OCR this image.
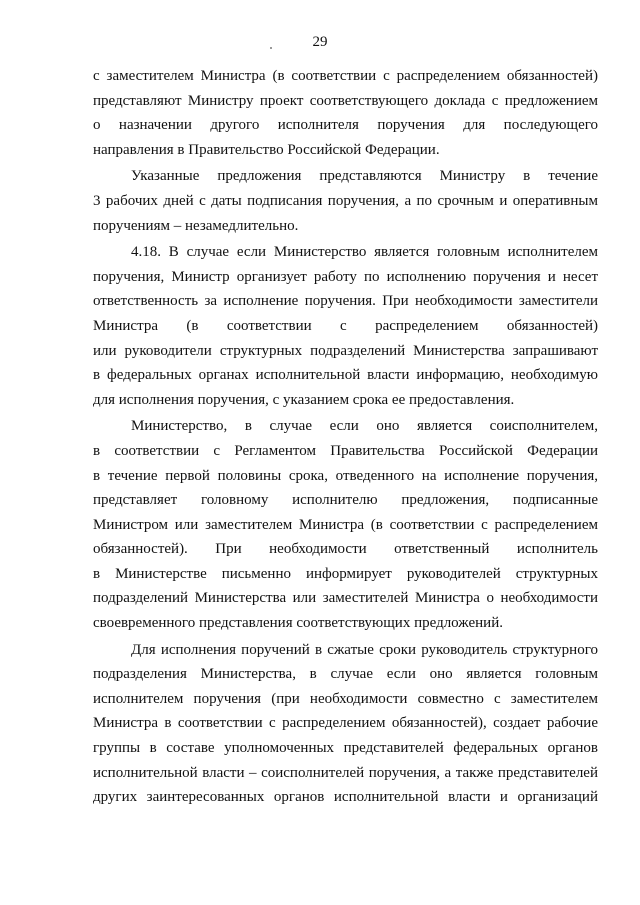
29

с заместителем Министра (в соответствии с распределением обязанностей)
представляют Министру проект соответствующего доклада с предложением
о назначении другого исполнителя поручения для последующего
направления в Правительство Российской Федерации.

Указанные предложения представляются Министру в течение
3 рабочих дней с даты подписания поручения, а по срочным и оперативным
поручениям – незамедлительно.

4.18. В случае если Министерство является головным исполнителем
поручения, Министр организует работу по исполнению поручения и несет
ответственность за исполнение поручения. При необходимости заместители
Министра (в соответствии с распределением обязанностей)
или руководители структурных подразделений Министерства запрашивают
в федеральных органах исполнительной власти информацию, необходимую
для исполнения поручения, с указанием срока ее предоставления.

Министерство, в случае если оно является соисполнителем,
в соответствии с Регламентом Правительства Российской Федерации
в течение первой половины срока, отведенного на исполнение поручения,
представляет головному исполнителю предложения, подписанные
Министром или заместителем Министра (в соответствии с распределением
обязанностей). При необходимости ответственный исполнитель
в Министерстве письменно информирует руководителей структурных
подразделений Министерства или заместителей Министра о необходимости
своевременного представления соответствующих предложений.

Для исполнения поручений в сжатые сроки руководитель структурного
подразделения Министерства, в случае если оно является головным
исполнителем поручения (при необходимости совместно с заместителем
Министра в соответствии с распределением обязанностей), создает рабочие
группы в составе уполномоченных представителей федеральных органов
исполнительной власти – соисполнителей поручения, а также представителей
других заинтересованных органов исполнительной власти и организаций
